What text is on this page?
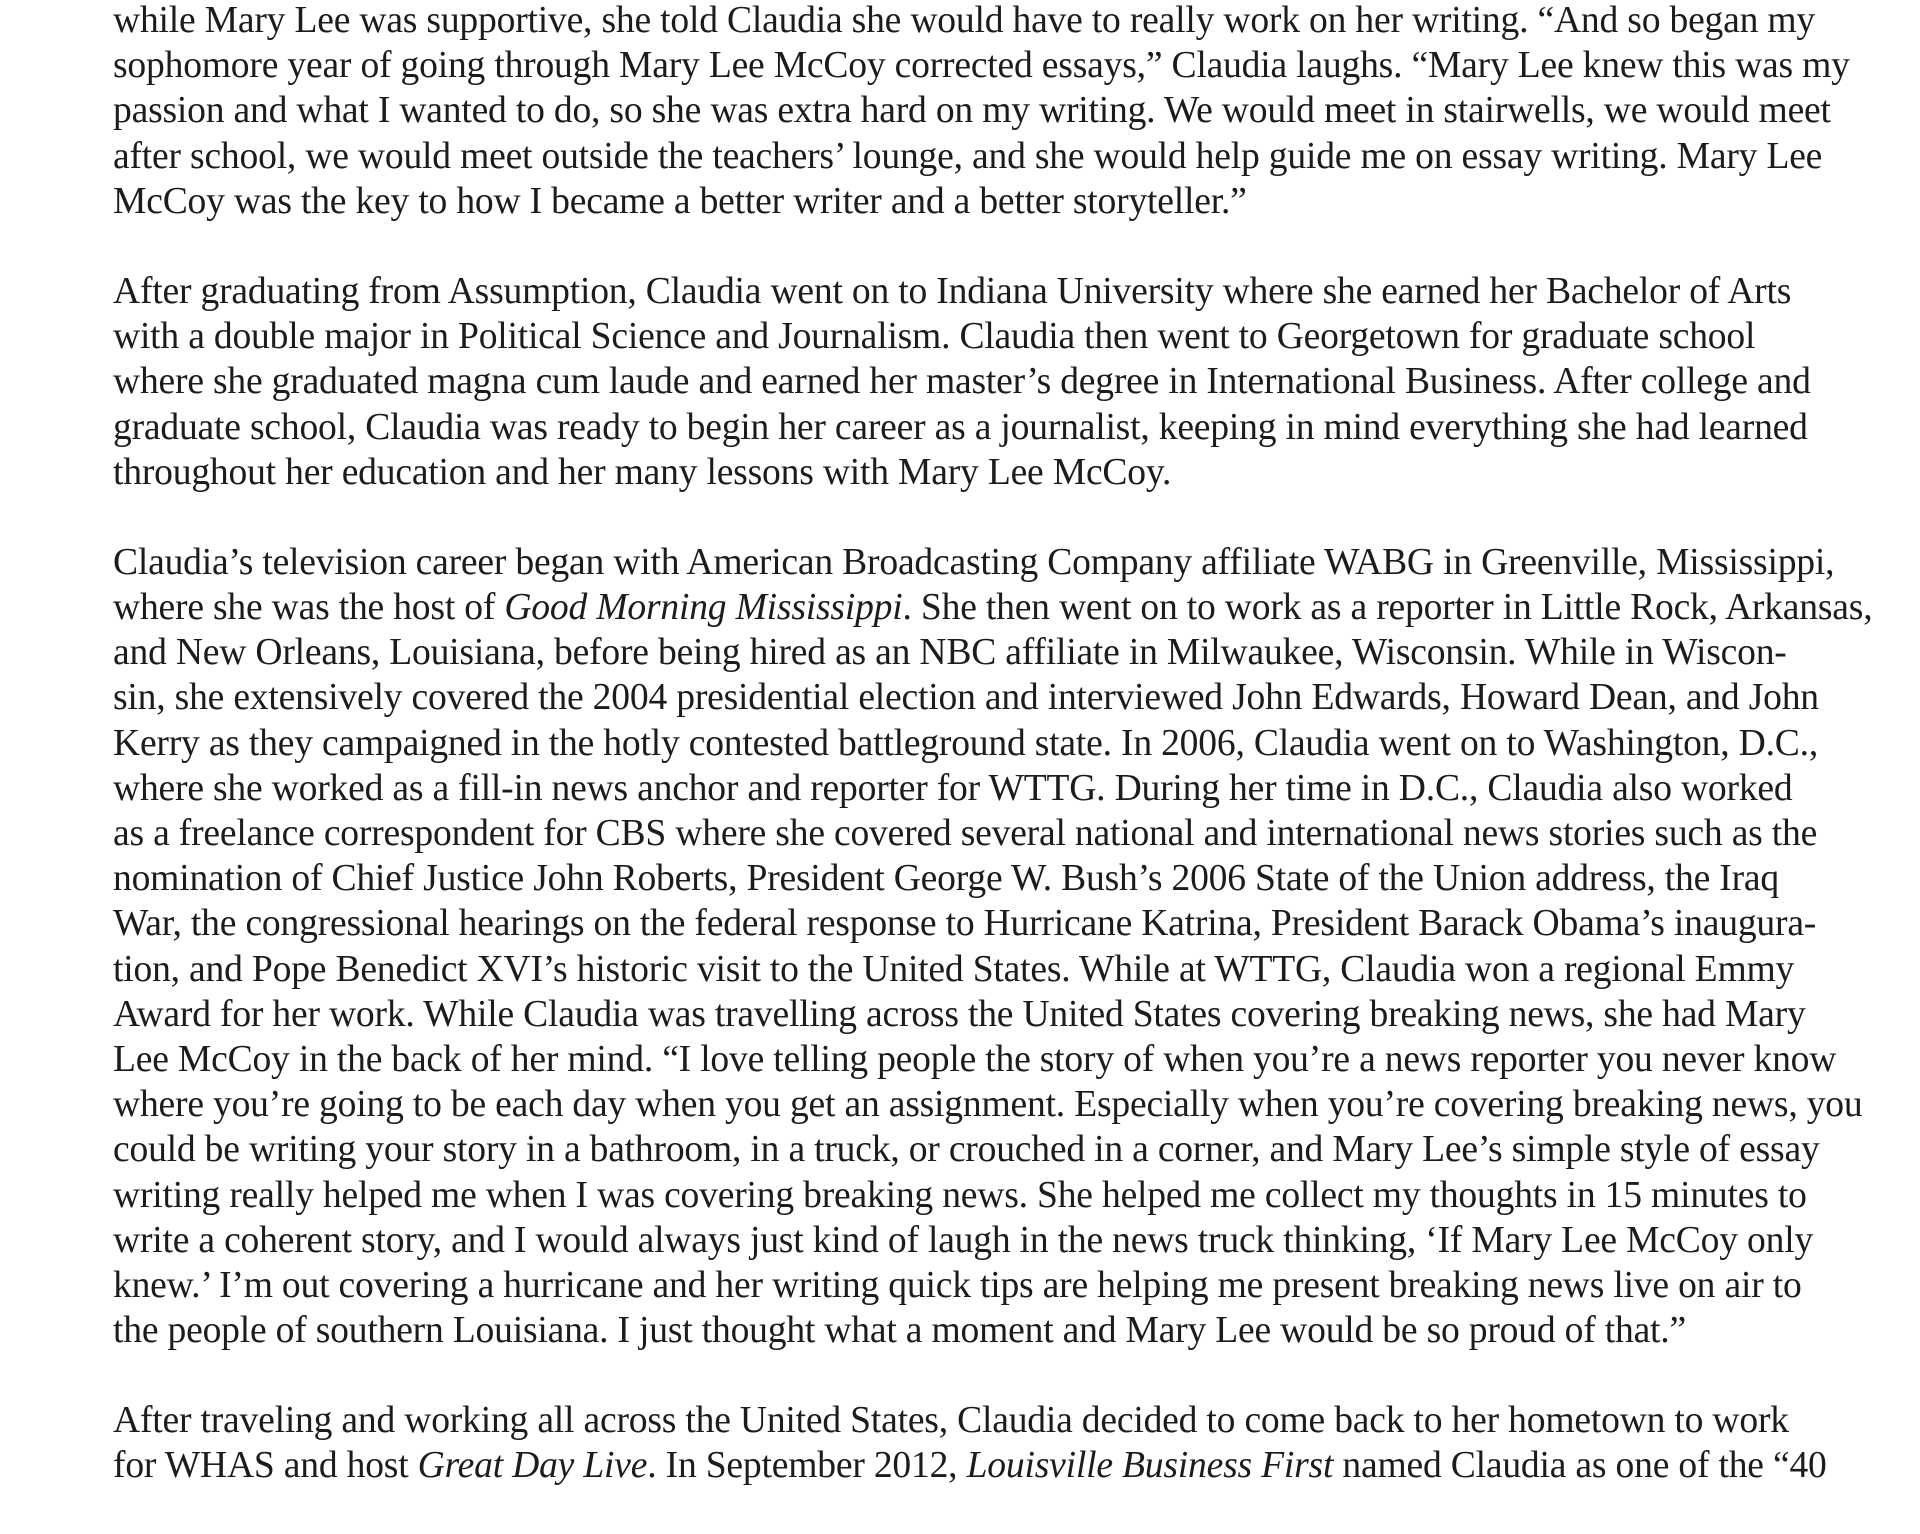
while Mary Lee was supportive, she told Claudia she would have to really work on her writing. “And so began my
sophomore year of going through Mary Lee McCoy corrected essays,” Claudia laughs. “Mary Lee knew this was my
passion and what I wanted to do, so she was extra hard on my writing. We would meet in stairwells, we would meet
after school, we would meet outside the teachers’ lounge, and she would help guide me on essay writing. Mary Lee
McCoy was the key to how I became a better writer and a better storyteller.”

After graduating from Assumption, Claudia went on to Indiana University where she earned her Bachelor of Arts
with a double major in Political Science and Journalism. Claudia then went to Georgetown for graduate school
where she graduated magna cum laude and earned her master’s degree in International Business. After college and
graduate school, Claudia was ready to begin her career as a journalist, keeping in mind everything she had learned
throughout her education and her many lessons with Mary Lee McCoy.

Claudia’s television career began with American Broadcasting Company affiliate WABG in Greenville, Mississippi,
where she was the host of Good Morning Mississippi. She then went on to work as a reporter in Little Rock, Arkansas,
and New Orleans, Louisiana, before being hired as an NBC affiliate in Milwaukee, Wisconsin. While in Wiscon-
sin, she extensively covered the 2004 presidential election and interviewed John Edwards, Howard Dean, and John
Kerry as they campaigned in the hotly contested battleground state. In 2006, Claudia went on to Washington, D.C.,
where she worked as a fill-in news anchor and reporter for WTTG. During her time in D.C., Claudia also worked
as a freelance correspondent for CBS where she covered several national and international news stories such as the
nomination of Chief Justice John Roberts, President George W. Bush’s 2006 State of the Union address, the Iraq
War, the congressional hearings on the federal response to Hurricane Katrina, President Barack Obama’s inaugura-
tion, and Pope Benedict XVI’s historic visit to the United States. While at WTTG, Claudia won a regional Emmy
Award for her work. While Claudia was travelling across the United States covering breaking news, she had Mary
Lee McCoy in the back of her mind. “I love telling people the story of when you’re a news reporter you never know
where you’re going to be each day when you get an assignment. Especially when you’re covering breaking news, you
could be writing your story in a bathroom, in a truck, or crouched in a corner, and Mary Lee’s simple style of essay
writing really helped me when I was covering breaking news. She helped me collect my thoughts in 15 minutes to
write a coherent story, and I would always just kind of laugh in the news truck thinking, ‘If Mary Lee McCoy only
knew.’ I’m out covering a hurricane and her writing quick tips are helping me present breaking news live on air to
the people of southern Louisiana. I just thought what a moment and Mary Lee would be so proud of that.”

After traveling and working all across the United States, Claudia decided to come back to her hometown to work
for WHAS and host Great Day Live. In September 2012, Louisville Business First named Claudia as one of the “40
